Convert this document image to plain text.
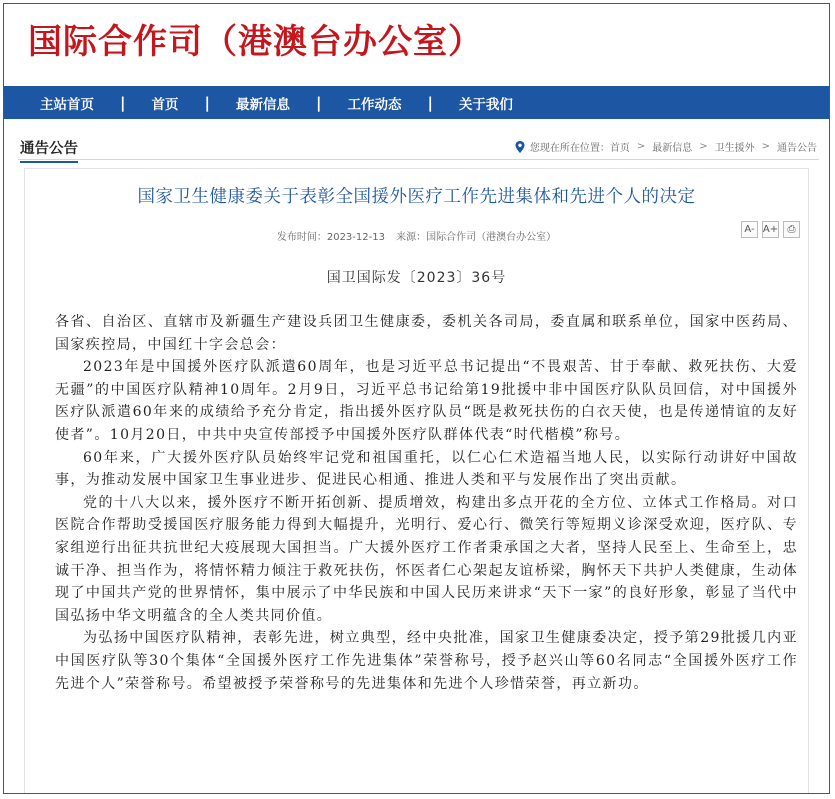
国际合作司（港澳台办公室）
主站首页 | 首页 | 最新信息 | 工作动态 | 关于我们
通告公告	您现在所在位置： 首页 > 最新信息 > 卫生援外 > 通告公告
国家卫生健康委关于表彰全国援外医疗工作先进集体和先进个人的决定
发布时间：2023-12-13 来源：国际合作司（港澳台办公室）
A- A+ ⎙
国卫国际发〔2023〕36号

各省、自治区、直辖市及新疆生产建设兵团卫生健康委，委机关各司局，委直属和联系单位，国家中医药局、国家疾控局，中国红十字会总会：

2023年是中国援外医疗队派遣60周年，也是习近平总书记提出“不畏艰苦、甘于奉献、救死扶伤、大爱无疆”的中国医疗队精神10周年。2月9日，习近平总书记给第19批援中非中国医疗队队员回信，对中国援外医疗队派遣60年来的成绩给予充分肯定，指出援外医疗队员“既是救死扶伤的白衣天使，也是传递情谊的友好使者”。10月20日，中共中央宣传部授予中国援外医疗队群体代表“时代楷模”称号。

60年来，广大援外医疗队员始终牢记党和祖国重托，以仁心仁术造福当地人民，以实际行动讲好中国故事，为推动发展中国家卫生事业进步、促进民心相通、推进人类和平与发展作出了突出贡献。

党的十八大以来，援外医疗不断开拓创新、提质增效，构建出多点开花的全方位、立体式工作格局。对口医院合作帮助受援国医疗服务能力得到大幅提升，光明行、爱心行、微笑行等短期义诊深受欢迎，医疗队、专家组逆行出征共抗世纪大疫展现大国担当。广大援外医疗工作者秉承国之大者，坚持人民至上、生命至上，忠诚干净、担当作为，将情怀精力倾注于救死扶伤，怀医者仁心架起友谊桥梁，胸怀天下共护人类健康，生动体现了中国共产党的世界情怀，集中展示了中华民族和中国人民历来讲求“天下一家”的良好形象，彰显了当代中国弘扬中华文明蕴含的全人类共同价值。

为弘扬中国医疗队精神，表彰先进，树立典型，经中央批准，国家卫生健康委决定，授予第29批援几内亚中国医疗队等30个集体“全国援外医疗工作先进集体”荣誉称号，授予赵兴山等60名同志“全国援外医疗工作先进个人”荣誉称号。希望被授予荣誉称号的先进集体和先进个人珍惜荣誉，再立新功。
